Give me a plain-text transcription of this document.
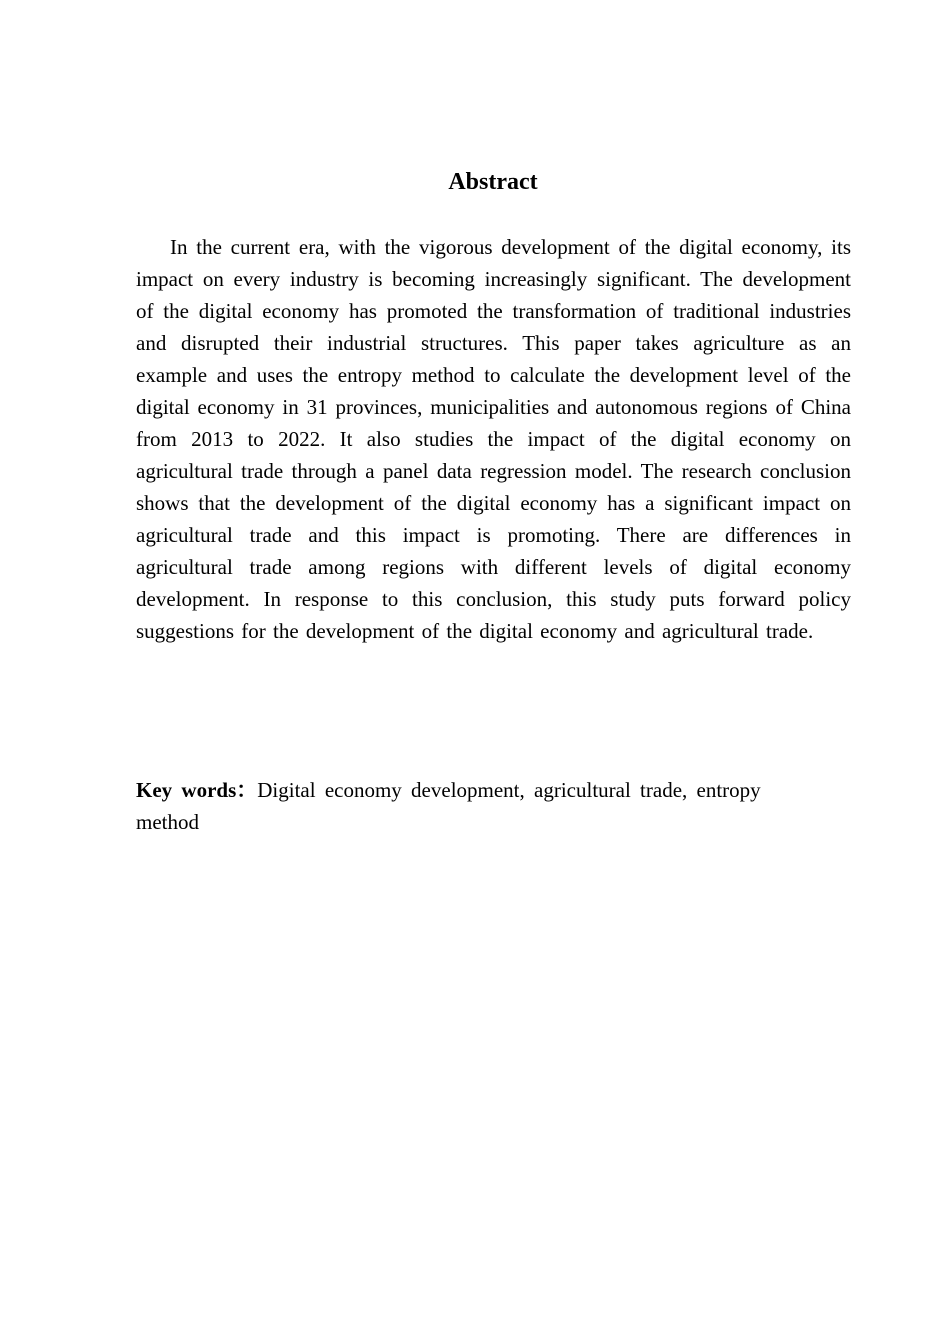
Abstract

In the current era, with the vigorous development of the digital economy, its impact on every industry is becoming increasingly significant. The development of the digital economy has promoted the transformation of traditional industries and disrupted their industrial structures. This paper takes agriculture as an example and uses the entropy method to calculate the development level of the digital economy in 31 provinces, municipalities and autonomous regions of China from 2013 to 2022. It also studies the impact of the digital economy on agricultural trade through a panel data regression model. The research conclusion shows that the development of the digital economy has a significant impact on agricultural trade and this impact is promoting. There are differences in agricultural trade among regions with different levels of digital economy development. In response to this conclusion, this study puts forward policy suggestions for the development of the digital economy and agricultural trade.

Key words：Digital economy development, agricultural trade, entropy method
